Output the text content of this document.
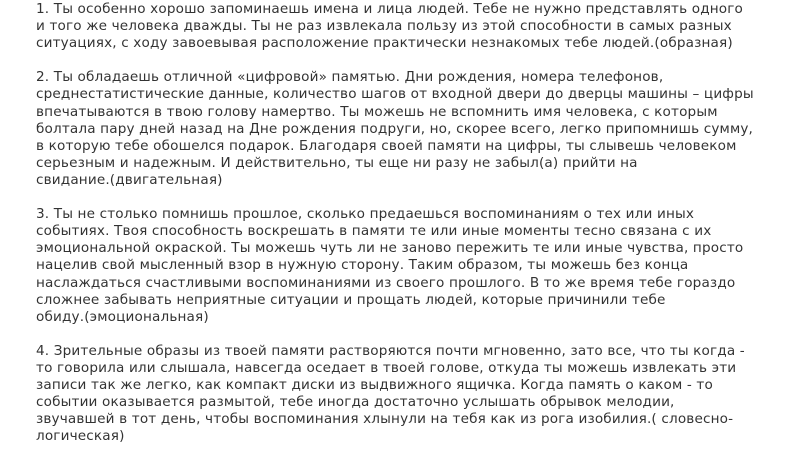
1. Ты особенно хорошо запоминаешь имена и лица людей. Тебе не нужно представлять одного
и того же человека дважды. Ты не раз извлекала пользу из этой способности в самых разных
ситуациях, с ходу завоевывая расположение практически незнакомых тебе людей.(образная)

2. Ты обладаешь отличной «цифровой» памятью. Дни рождения, номера телефонов,
среднестатистические данные, количество шагов от входной двери до дверцы машины – цифры
впечатываются в твою голову намертво. Ты можешь не вспомнить имя человека, с которым
болтала пару дней назад на Дне рождения подруги, но, скорее всего, легко припомнишь сумму,
в которую тебе обошелся подарок. Благодаря своей памяти на цифры, ты слывешь человеком
серьезным и надежным. И действительно, ты еще ни разу не забыл(а) прийти на
свидание.(двигательная)

3. Ты не столько помнишь прошлое, сколько предаешься воспоминаниям о тех или иных
событиях. Твоя способность воскрешать в памяти те или иные моменты тесно связана с их
эмоциональной окраской. Ты можешь чуть ли не заново пережить те или иные чувства, просто
нацелив свой мысленный взор в нужную сторону. Таким образом, ты можешь без конца
наслаждаться счастливыми воспоминаниями из своего прошлого. В то же время тебе гораздо
сложнее забывать неприятные ситуации и прощать людей, которые причинили тебе
обиду.(эмоциональная)

4. Зрительные образы из твоей памяти растворяются почти мгновенно, зато все, что ты когда -
то говорила или слышала, навсегда оседает в твоей голове, откуда ты можешь извлекать эти
записи так же легко, как компакт диски из выдвижного ящичка. Когда память о каком - то
событии оказывается размытой, тебе иногда достаточно услышать обрывок мелодии,
звучавшей в тот день, чтобы воспоминания хлынули на тебя как из рога изобилия.( словесно-
логическая)
